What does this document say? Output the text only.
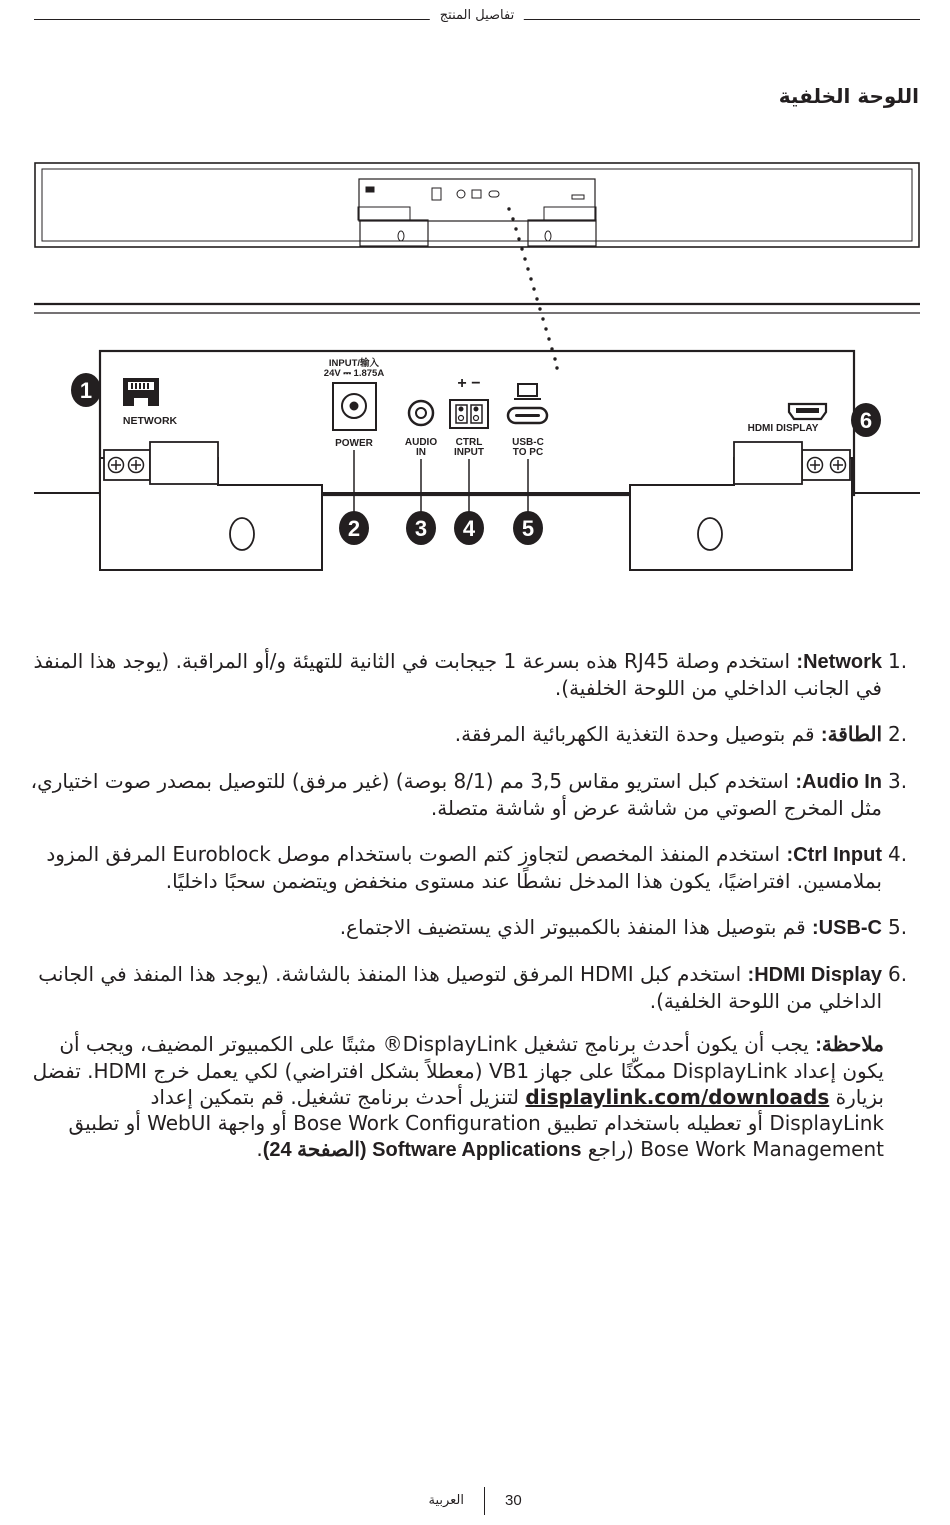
تفاصيل المنتج
اللوحة الخلفية
NETWORK
INPUT/输入
24V ⎓ 1.875A
POWER	AUDIO
IN
+ −
CTRL
INPUT
USB-C
TO PC
HDMI DISPLAY
1
2 3 4 5
6
.1
Network: استخدم وصلة RJ45 هذه بسرعة 1 جيجابت في الثانية للتهيئة و/أو المراقبة. (يوجد هذا المنفذ في الجانب الداخلي من اللوحة الخلفية).
.2
الطاقة: قم بتوصيل وحدة التغذية الكهربائية المرفقة.
.3
Audio In: استخدم كبل استريو مقاس 3,5 مم (8/1 بوصة) (غير مرفق) للتوصيل بمصدر صوت اختياري، مثل المخرج الصوتي من شاشة عرض أو شاشة متصلة.
.4
Ctrl Input: استخدم المنفذ المخصص لتجاوز كتم الصوت باستخدام موصل Euroblock المرفق المزود بملامسين. افتراضيًا، يكون هذا المدخل نشطًا عند مستوى منخفض ويتضمن سحبًا داخليًا.
.5
USB-C: قم بتوصيل هذا المنفذ بالكمبيوتر الذي يستضيف الاجتماع.
.6
HDMI Display: استخدم كبل HDMI المرفق لتوصيل هذا المنفذ بالشاشة. (يوجد هذا المنفذ في الجانب الداخلي من اللوحة الخلفية).
ملاحظة: يجب أن يكون أحدث برنامج تشغيل DisplayLink® مثبتًا على الكمبيوتر المضيف، ويجب أن يكون إعداد DisplayLink ممكّنًا على جهاز VB1 (معطلاً بشكل افتراضي) لكي يعمل خرج HDMI. تفضل بزيارة displaylink.com/downloads لتنزيل أحدث برنامج تشغيل. قم بتمكين إعداد DisplayLink أو تعطيله باستخدام تطبيق Bose Work Configuration أو واجهة WebUI أو تطبيق Bose Work Management (راجع Software Applications (الصفحة 24).
العربية	30
